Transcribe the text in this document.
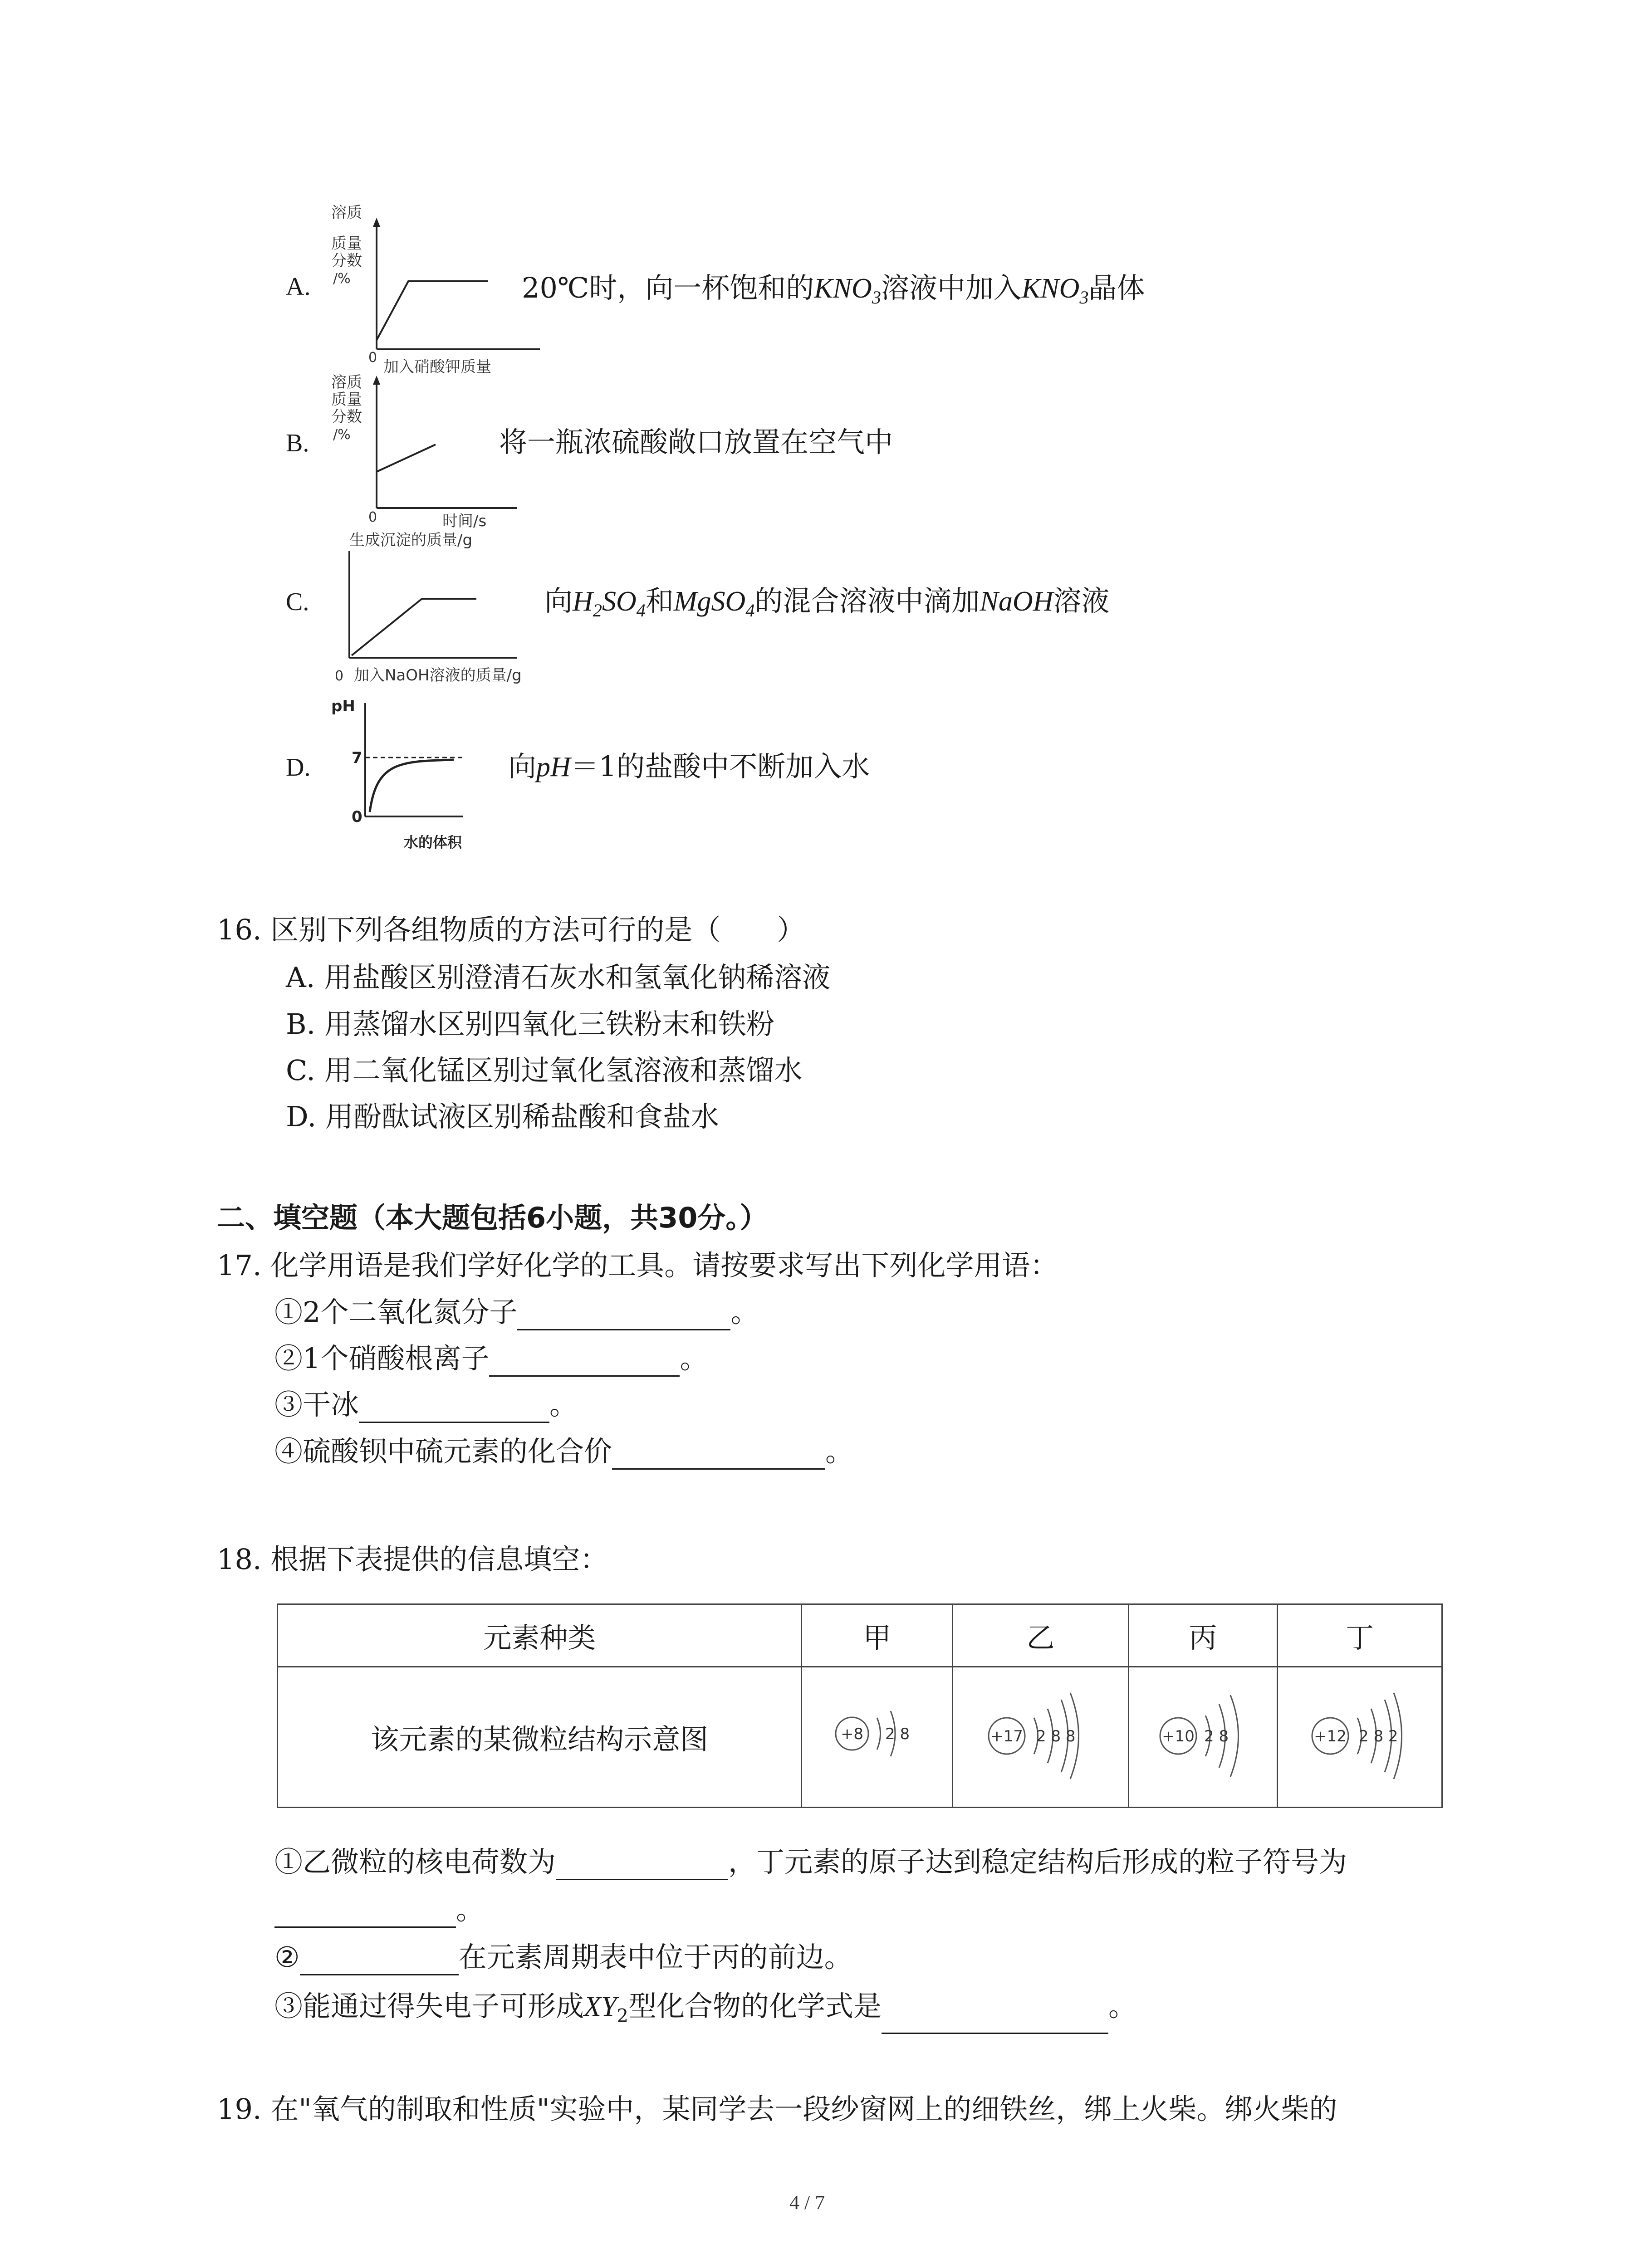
A.
溶质
质量
分数
/%
0
加入硝酸钾质量
20℃时，向一杯饱和的$KNO_3$溶液中加入$KNO_3$晶体
B.
溶质
质量
分数
/%
0	时间/s
将一瓶浓硫酸敞口放置在空气中
C.
生成沉淀的质量/g
0 加入NaOH溶液的质量/g
向$H_2SO_4$和MgSO$_4$的混合溶液中滴加NaOH溶液
D.
pH
7
0
水的体积
向pH＝1的盐酸中不断加入水
16. 区别下列各组物质的方法可行的是（　　）
A. 用盐酸区别澄清石灰水和氢氧化钠稀溶液
B. 用蒸馏水区别四氧化三铁粉末和铁粉
C. 用二氧化锰区别过氧化氢溶液和蒸馏水
D. 用酚酞试液区别稀盐酸和食盐水
二、填空题（本大题包括6小题，共30分。）
17. 化学用语是我们学好化学的工具。请按要求写出下列化学用语：
①2个二氧化氮分子	。
②1个硝酸根离子	。
③干冰	。
④硫酸钡中硫元素的化合价	。
18. 根据下表提供的信息填空：
元素种类	甲	乙	丙	丁
该元素的某微粒结构示意图	+8 2 8	+17 2 8 8	+10 2 8	+12 2 8 2
①乙微粒的核电荷数为	，丁元素的原子达到稳定结构后形成的粒子符号为
。
②	在元素周期表中位于丙的前边。
③能通过得失电子可形成$XY_2$型化合物的化学式是	。
19. 在"氧气的制取和性质"实验中，某同学去一段纱窗网上的细铁丝，绑上火柴。绑火柴的
4 / 7
